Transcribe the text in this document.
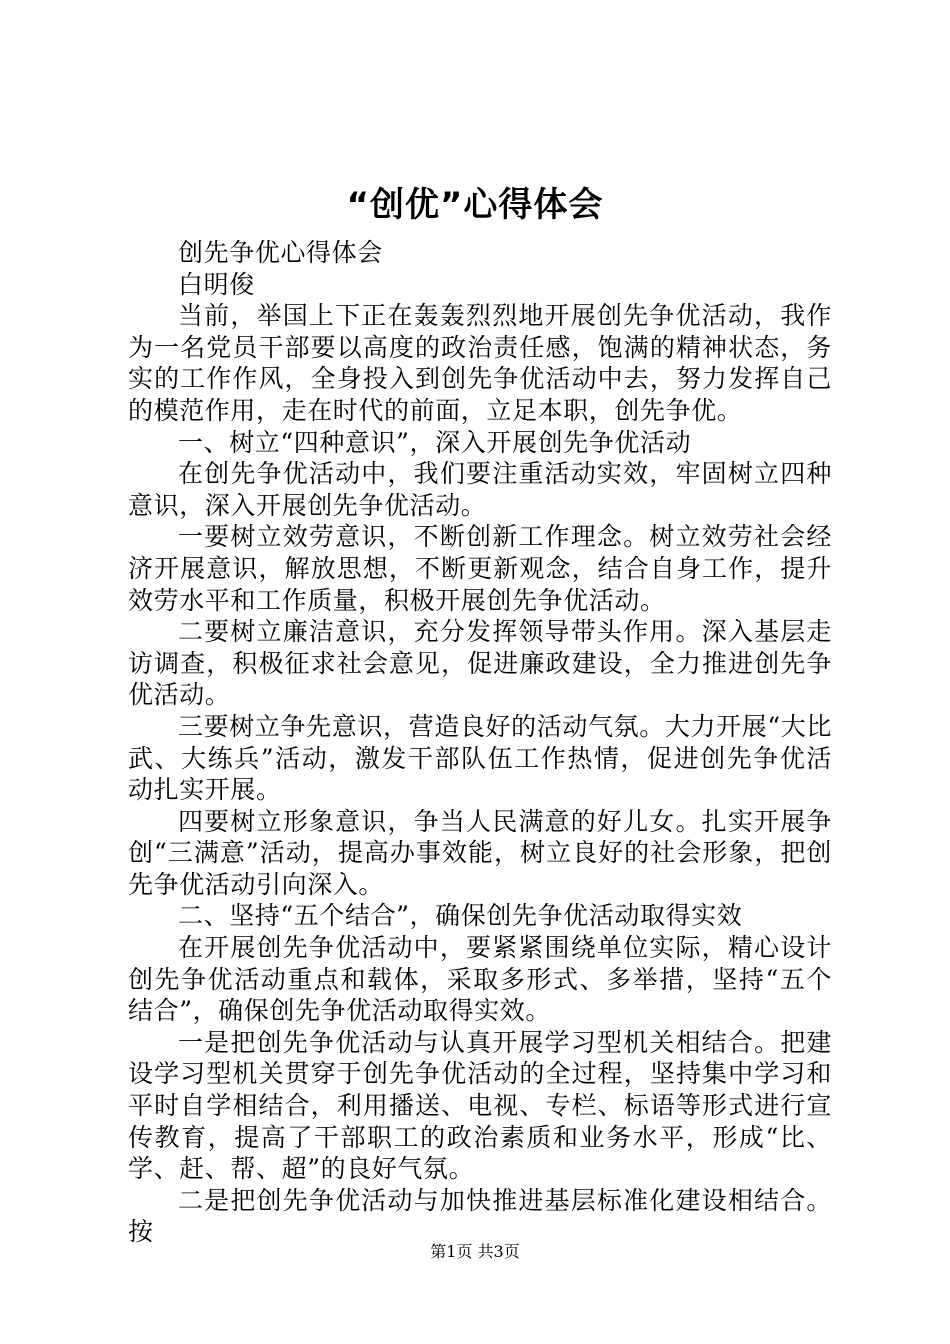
“创优”心得体会

创先争优心得体会

白明俊

当前，举国上下正在轰轰烈烈地开展创先争优活动，我作为一名党员干部要以高度的政治责任感，饱满的精神状态，务实的工作作风，全身投入到创先争优活动中去，努力发挥自己的模范作用，走在时代的前面，立足本职，创先争优。

一、树立“四种意识”，深入开展创先争优活动

在创先争优活动中，我们要注重活动实效，牢固树立四种意识，深入开展创先争优活动。

一要树立效劳意识，不断创新工作理念。树立效劳社会经济开展意识，解放思想，不断更新观念，结合自身工作，提升效劳水平和工作质量，积极开展创先争优活动。

二要树立廉洁意识，充分发挥领导带头作用。深入基层走访调查，积极征求社会意见，促进廉政建设，全力推进创先争优活动。

三要树立争先意识，营造良好的活动气氛。大力开展“大比武、大练兵”活动，激发干部队伍工作热情，促进创先争优活动扎实开展。

四要树立形象意识，争当人民满意的好儿女。扎实开展争创“三满意”活动，提高办事效能，树立良好的社会形象，把创先争优活动引向深入。

二、坚持“五个结合”，确保创先争优活动取得实效

在开展创先争优活动中，要紧紧围绕单位实际，精心设计创先争优活动重点和载体，采取多形式、多举措，坚持“五个结合”，确保创先争优活动取得实效。

一是把创先争优活动与认真开展学习型机关相结合。把建设学习型机关贯穿于创先争优活动的全过程，坚持集中学习和平时自学相结合，利用播送、电视、专栏、标语等形式进行宣传教育，提高了干部职工的政治素质和业务水平，形成“比、学、赶、帮、超”的良好气氛。

二是把创先争优活动与加快推进基层标准化建设相结合。按

第1页 共3页
